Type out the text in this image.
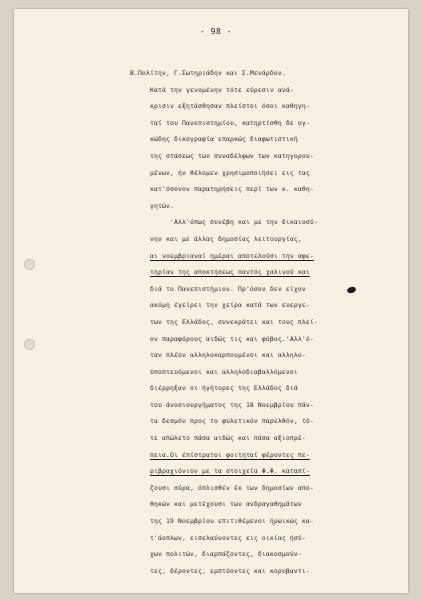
- 98 -
Β.Πολίτην, Γ.Σωτηριάδην και Σ.Μενάρδον.
Κατά την γενομένην τότε εύρεσιν ανά-
κρισιν εξητάσθησαν πλείστοι όσοι καθηγη-
ταί του Πανεπιστημίου, κατηρτίσθη δε ογ-
κώδης δικογραφία επαρκώς διαφωτιστική
της στάσεως των συναδέλφων των κατηγορου-
μένων, ήν θέλομεν χρησιμοποιήσει εις τας
κατ'όσονον παρατηρήσεις περί των κ. καθη-
γητών.
'Αλλ'όπως συνέβη και με την δικαιοσύ-
νην και με άλλας δημοσίας λειτουργίας,
αι νοεμβριαναί ημέραι αποτελούσι την αφε-
τηρίαν της αποκτήσεως παντός χαλινού και
διά το Πανεπιστήμιον. Πρ'όσον δεν είχον
ακόμη έγείρει την χείρα κατά των ευεργε-
των της Ελλάδος, συνεκράτει και τους πλεί-
ον παραφόρους αιδώς τις και φόβος.'Αλλ'ό-
ταν πλέον αλληλοκαρπουμένοι και αλληλο-
ϋποπτευόμενοι και αλληλοδιαβαλλόμενοι
διέρρηξαν οι ήγήτορες της Ελλάδος διά
του άνοσιουργήματος της 18 Νοεμβρίου πάν-
τα δεσμόν προς το φυλετικόν παρελθόν, τό-
τε απώλετο πάσα αιδώς και πάσα αξιοπρέ-
πεια.Οι έπίστρατοι φοιτηταί φέροντες πε-
ριβραχιόνιον με τα στοιχεία Φ.Φ. καταπί-
ζουσι σύρα, όπλισθέν έκ των δημοσίων απο-
θηκών και μετέχουσι των ανδραγαθημάτων
της 19 Νοεμβρίου επιτιθέμενοι ήρωικώς κα-
τ'άοπλων, εισελαύνοντες εις οικίας ήσύ-
χων πολιτών, διαρπάζοντες, διακοσμούν-
τες, δέροντες, εμπτύοντες και κορυβαντι-
